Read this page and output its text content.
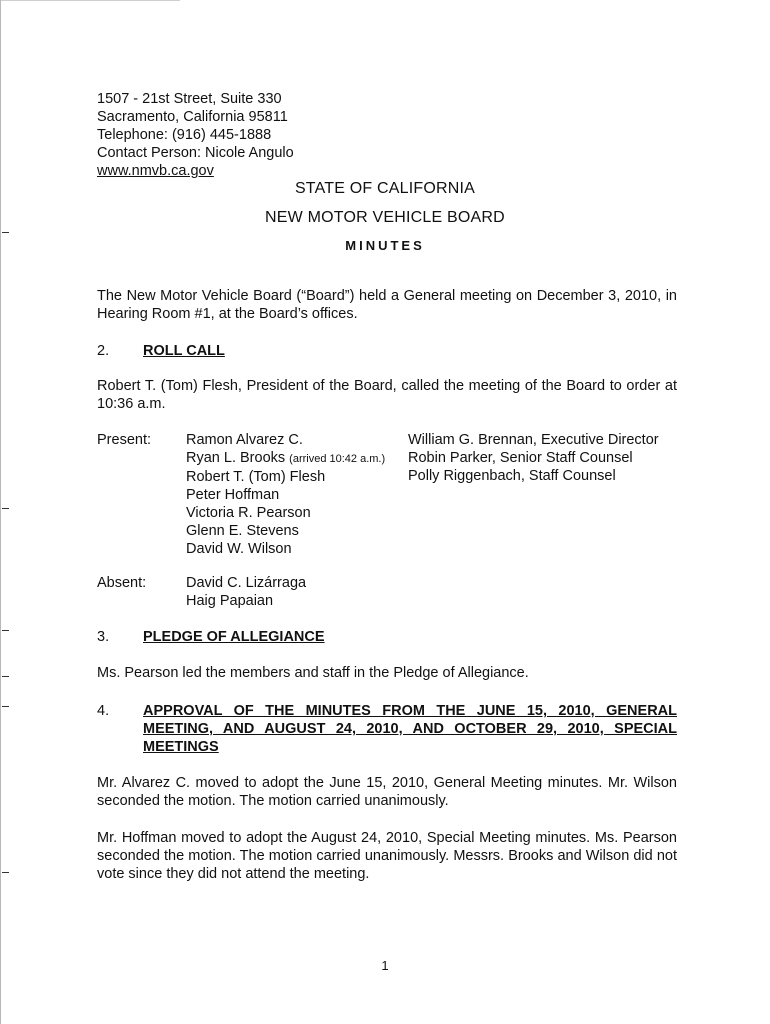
1507 - 21st Street, Suite 330
Sacramento, California 95811
Telephone: (916) 445-1888
Contact Person: Nicole Angulo
www.nmvb.ca.gov
STATE OF CALIFORNIA
NEW MOTOR VEHICLE BOARD
MINUTES
The New Motor Vehicle Board (“Board”) held a General meeting on December 3, 2010, in Hearing Room #1, at the Board’s offices.
2. ROLL CALL
Robert T. (Tom) Flesh, President of the Board, called the meeting of the Board to order at 10:36 a.m.
Present: Ramon Alvarez C.
Ryan L. Brooks (arrived 10:42 a.m.)
Robert T. (Tom) Flesh
Peter Hoffman
Victoria R. Pearson
Glenn E. Stevens
David W. Wilson
William G. Brennan, Executive Director
Robin Parker, Senior Staff Counsel
Polly Riggenbach, Staff Counsel
Absent:	David C. Lizárraga
Haig Papaian
3. PLEDGE OF ALLEGIANCE
Ms. Pearson led the members and staff in the Pledge of Allegiance.
4. APPROVAL OF THE MINUTES FROM THE JUNE 15, 2010, GENERAL MEETING, AND AUGUST 24, 2010, AND OCTOBER 29, 2010, SPECIAL MEETINGS
Mr. Alvarez C. moved to adopt the June 15, 2010, General Meeting minutes. Mr. Wilson seconded the motion. The motion carried unanimously.
Mr. Hoffman moved to adopt the August 24, 2010, Special Meeting minutes. Ms. Pearson seconded the motion. The motion carried unanimously. Messrs. Brooks and Wilson did not vote since they did not attend the meeting.
1
